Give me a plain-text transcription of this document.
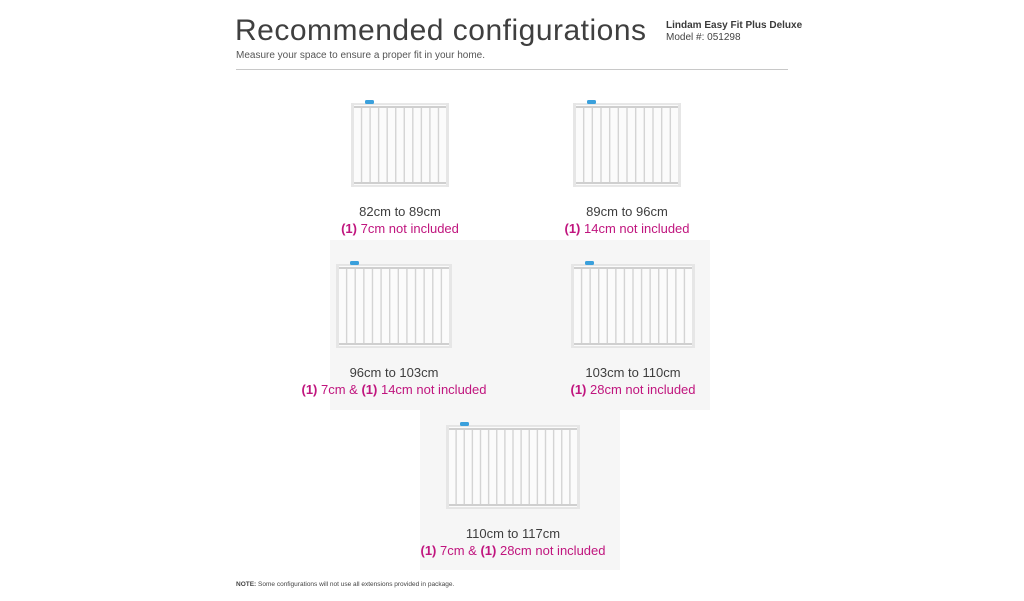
Recommended configurations
Measure your space to ensure a proper fit in your home.
Lindam Easy Fit Plus Deluxe
Model #: 051298
82cm to 89cm
(1) 7cm not included
89cm to 96cm
(1) 14cm not included
96cm to 103cm
(1) 7cm & (1) 14cm not included
103cm to 110cm
(1) 28cm not included
110cm to 117cm
(1) 7cm & (1) 28cm not included
NOTE: Some configurations will not use all extensions provided in package.
